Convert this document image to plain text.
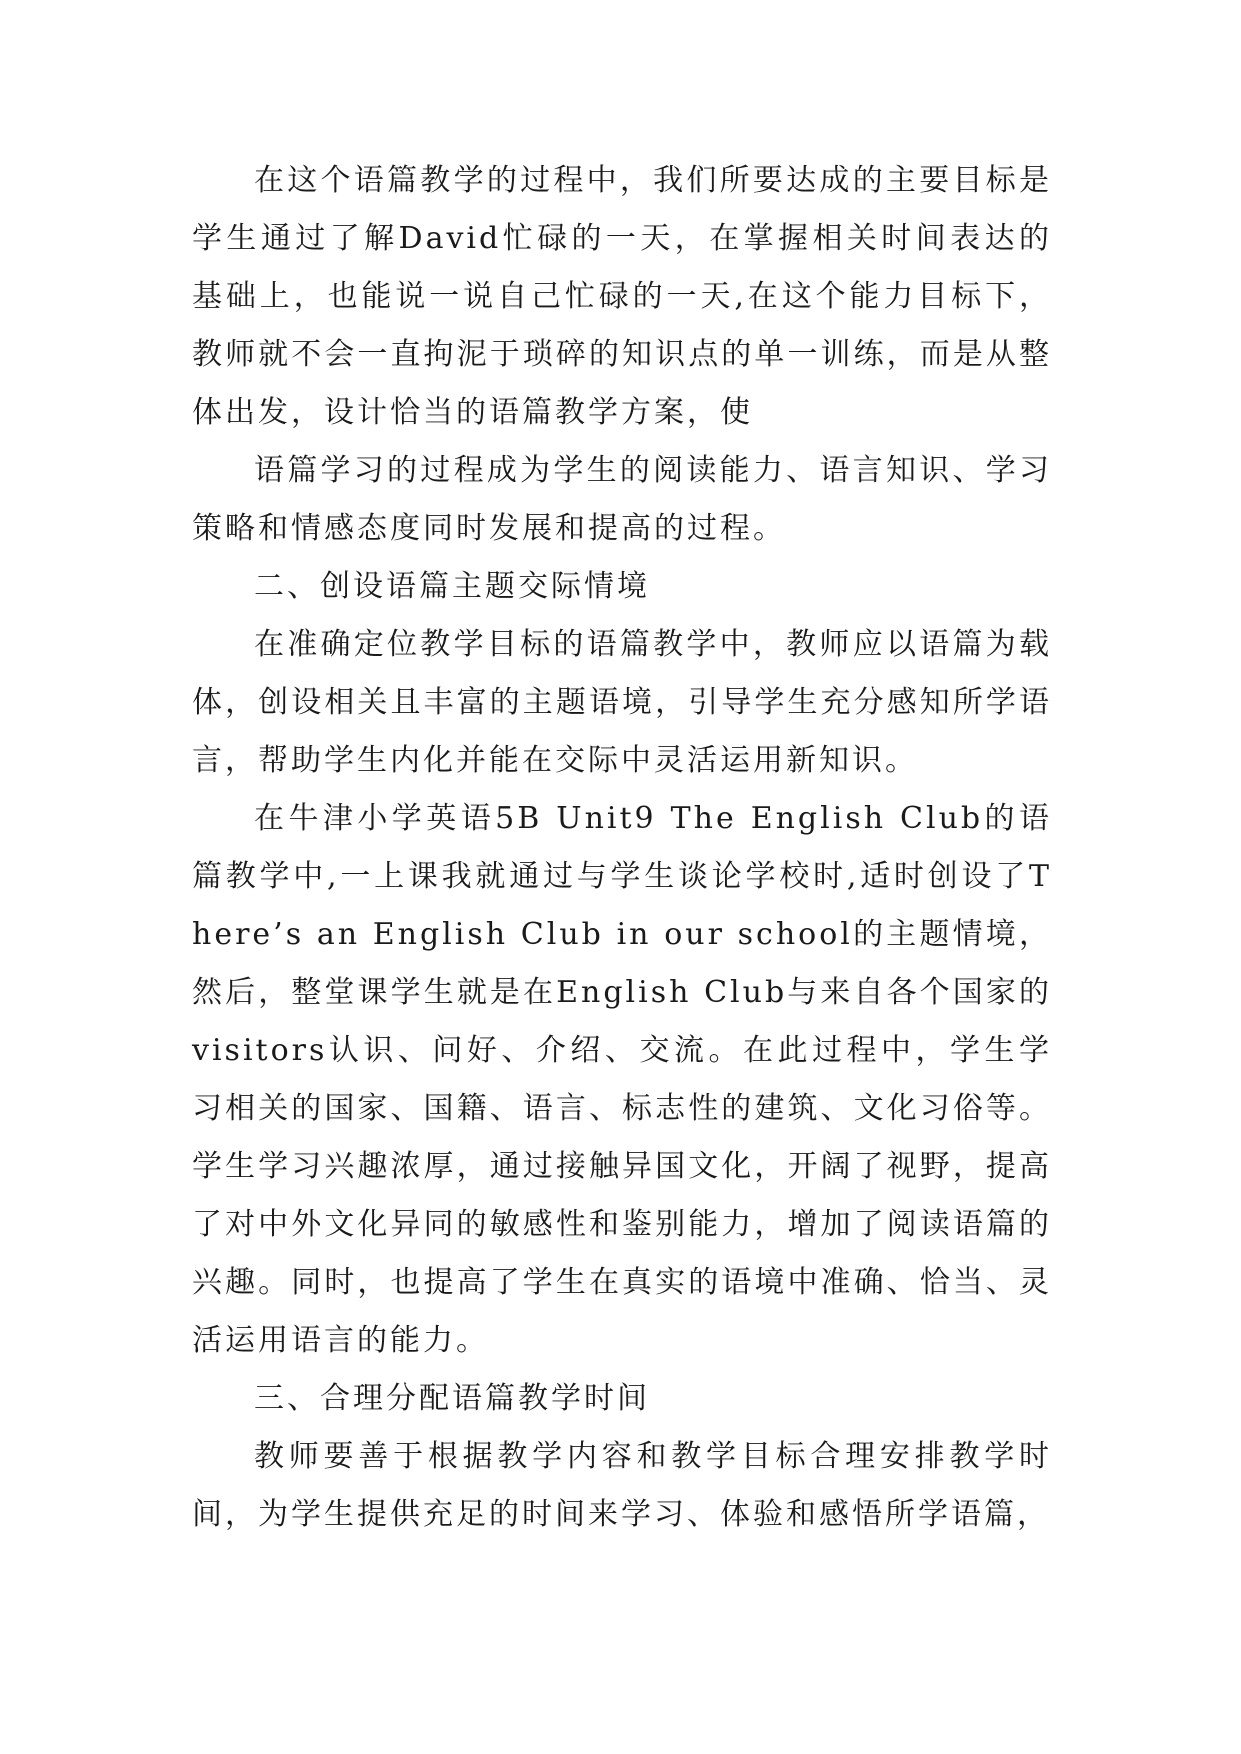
在这个语篇教学的过程中，我们所要达成的主要目标是学生通过了解David忙碌的一天，在掌握相关时间表达的基础上，也能说一说自己忙碌的一天,在这个能力目标下，教师就不会一直拘泥于琐碎的知识点的单一训练，而是从整体出发，设计恰当的语篇教学方案，使

语篇学习的过程成为学生的阅读能力、语言知识、学习策略和情感态度同时发展和提高的过程。

二、创设语篇主题交际情境

在准确定位教学目标的语篇教学中，教师应以语篇为载体，创设相关且丰富的主题语境，引导学生充分感知所学语言，帮助学生内化并能在交际中灵活运用新知识。

在牛津小学英语5B Unit9 The English Club的语篇教学中,一上课我就通过与学生谈论学校时,适时创设了There’s an English Club in our school的主题情境，然后，整堂课学生就是在English Club与来自各个国家的visitors认识、问好、介绍、交流。在此过程中，学生学习相关的国家、国籍、语言、标志性的建筑、文化习俗等。学生学习兴趣浓厚，通过接触异国文化，开阔了视野，提高了对中外文化异同的敏感性和鉴别能力，增加了阅读语篇的兴趣。同时，也提高了学生在真实的语境中准确、恰当、灵活运用语言的能力。

三、合理分配语篇教学时间

教师要善于根据教学内容和教学目标合理安排教学时间，为学生提供充足的时间来学习、体验和感悟所学语篇，
